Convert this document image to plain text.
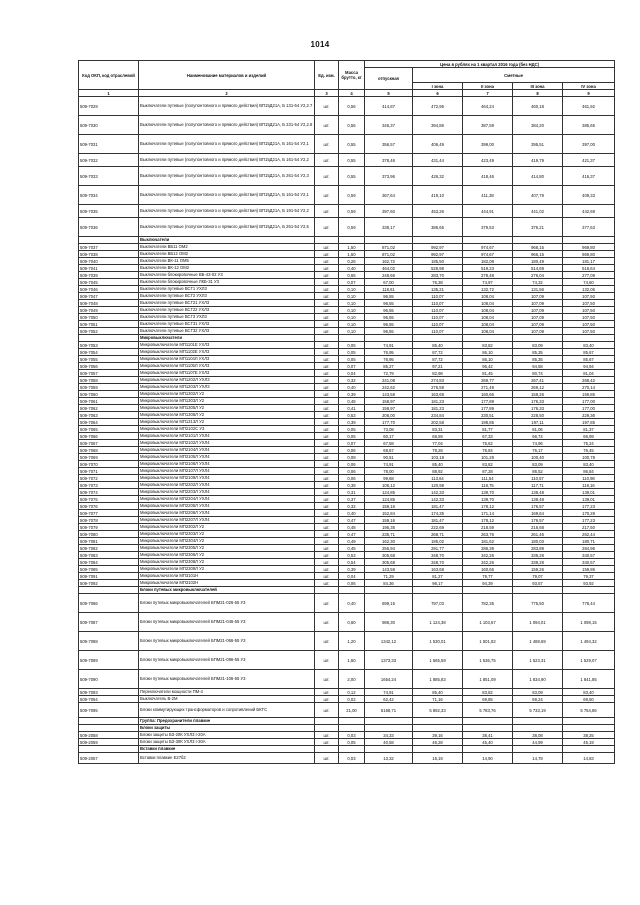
1014
Код ОКП, код отраслевой	Наименование материалов и изделий	Ед. изм.	Масса брутто, кг	Цена в рублях на 1 квартал 2016 года (без НДС)				
				отпускная	Сметные			
					I зона	II зона	III зона	IV зона
1	2	3	4	5	6	7	8	9
509-7029	Выключатели путевые (полупонтовного и прямого действия) ВП15Д21А, Б 131-54 У2,2.7	шт.	0,56	414,87	472,95	464,24	460,18	461,92
509-7030	Выключатели путевые (полупонтовного и прямого действия) ВП15Д21А, Б 231-54 У2,2.8	шт.	0,56	346,37	394,86	387,59	384,20	385,65
509-7031	Выключатели путевые (полупонтовного и прямого действия) ВП15Д21А, Б 161-54 У2,1	шт.	0,55	356,57	406,49	399,00	395,51	397,00
509-7032	Выключатели путевые (полупонтовного и прямого действия) ВП15Д21А, Б 161-54 У2,2	шт.	0,55	378,46	431,44	423,49	419,79	421,37
509-7033	Выключатели путевые (полупонтовного и прямого действия) ВП15Д21А, Б 261-54 У2,3	шт.	0,55	373,96	426,32	418,46	414,80	416,37
509-7034	Выключатели путевые (полупонтовного и прямого действия) ВП15Д21А, Б 161-54 У2,1	шт.	0,59	367,64	419,10	411,38	407,79	409,33
509-7035	Выключатели путевые (полупонтовного и прямого действия) ВП15Д21А, Б 191-54 У2,2	шт.	0,59	397,60	453,26	444,91	441,02	442,69
509-7036	Выключатели путевые (полупонтовного и прямого действия) ВП15Д21А, Б 261-54 У2,5	шт.	0,59	339,17	386,65	379,53	376,21	377,63
	Выключатели							
509-7037	Выключатели ВБ11 ОМ2	шт.	1,50	871,02	992,97	974,67	966,15	969,80
509-7038	Выключатели ВБ12 ОМ2	шт.	1,50	871,02	992,97	974,67	966,15	969,80
509-7040	Выключатели ВК-11 ОМ5	шт.	0,26	162,72	185,50	182,08	180,49	181,17
509-7041	Выключатели ВК-12 ОМ2	шт.	0,40	464,02	528,98	519,23	514,69	516,64
509-7039	Выключатели блокировочные ВБ-43-02 У3	шт.	0,65	248,66	283,70	278,48	276,04	277,09
509-7045	Выключатели блокировочные ЛКБ-31 У3	шт.	0,07	67,00	76,38	74,97	74,32	74,60
509-7046	Выключатели путевые ВСГ1 УХЛ3	шт.	0,10	118,61	135,21	132,72	131,56	132,06
509-7047	Выключатели путевые ВСГ2 УХЛ3	шт.	0,10	96,55	110,07	108,04	107,09	107,50
509-7048	Выключатели путевые ВСГ21 УХЛ3	шт.	0,10	96,55	110,07	108,04	107,09	107,50
509-7049	Выключатели путевые ВСГ22 УХЛ3	шт.	0,10	96,55	110,07	108,04	107,09	107,50
509-7050	Выключатели путевые ВСГ3 УХЛ3	шт.	0,10	96,55	110,07	108,04	107,09	107,50
509-7051	Выключатели путевые ВСГ31 УХЛ3	шт.	0,10	96,55	110,07	108,04	107,09	107,50
509-7052	Выключатели путевые ВСГ32 УХЛ3	шт.	0,10	96,55	110,07	108,04	107,09	107,50
	Микровыключатели							
509-7053	Микровыключатели МП1101Е УХЛ3	шт.	0,05	74,91	85,40	83,82	83,09	83,40
509-7054	Микровыключатели МП1102Е УХЛ3	шт.	0,05	76,95	87,72	86,10	85,35	85,67
509-7055	Микровыключатели МП1104Л УХЛ3	шт.	0,05	76,95	87,72	86,10	85,35	85,67
509-7056	Микровыключатели МП1105Л УХЛ3	шт.	0,07	85,27	97,21	95,42	94,58	94,94
509-7057	Микровыключатели МП1107Е УХЛ3	шт.	0,04	72,79	82,98	81,45	80,74	81,04
509-7058	Микровыключатели МП1202Л УХЛ3	шт.	0,32	241,08	274,83	269,77	267,41	268,42
509-7059	Микровыключатели МП1203Л УХЛ3	шт.	0,40	242,62	276,59	271,49	269,12	270,14
509-7060	Микровыключатели МП1302Л У2	шт.	0,39	143,58	163,68	160,66	159,26	159,86
509-7061	Микровыключатели МП1303Л У2	шт.	0,48	158,97	181,23	177,89	176,33	177,00
509-7062	Микровыключатели МП1305Л У2	шт.	0,41	158,97	181,23	177,89	176,33	177,00
509-7063	Микровыключатели МП1306Л У2	шт.	0,53	206,00	234,84	230,51	228,50	229,36
509-7064	Микровыключатели МП1313Л У2	шт.	0,39	177,70	202,58	198,85	197,11	197,85
509-7065	Микровыключатели МП2102С У3	шт.	0,05	73,08	83,31	81,77	81,06	81,37
509-7066	Микровыключатели МП2101Л УХЛ4	шт.	0,05	60,17	68,59	67,33	66,74	66,99
509-7067	Микровыключатели МП2102Л УХЛ4	шт.	0,07	67,58	77,04	75,62	74,96	75,24
509-7068	Микровыключатели МП2104Л УХЛ4	шт.	0,06	68,67	78,28	76,84	76,17	76,45
509-7069	Микровыключатели МП2105Л УХЛ4	шт.	0,08	90,51	103,18	101,28	100,40	100,78
509-7070	Микровыключатели МП2106Л УХЛ4	шт.	0,06	74,91	85,40	83,82	83,09	83,40
509-7071	Микровыключатели МП2107Л УХЛ4	шт.	0,06	78,00	88,92	87,28	86,52	86,84
509-7072	Микровыключатели МП2109Л УХЛ4	шт.	0,06	99,68	113,64	111,54	110,57	110,98
509-7073	Микровыключатели МП2202Л УХЛ4	шт.	0,38	106,12	120,98	118,75	117,71	118,16
509-7074	Микровыключатели МП2203Л УХЛ4	шт.	0,31	124,85	142,33	139,70	138,48	139,01
509-7075	Микровыключатели МП2204Л УХЛ4	шт.	0,37	124,85	142,33	139,70	138,48	139,01
509-7076	Микровыключатели МП2205Л УХЛ4	шт.	0,32	159,16	181,47	178,12	176,57	177,23
509-7077	Микровыключатели МП2206Л УХЛ4	шт.	0,40	152,84	174,35	171,14	169,64	170,28
509-7078	Микровыключатели МП2207Л УХЛ4	шт.	0,47	159,16	181,47	178,12	176,57	177,23
509-7079	Микровыключатели МП2302Л У2	шт.	0,48	195,35	222,69	218,59	216,68	217,50
509-7080	Микровыключатели МП2303Л У2	шт.	0,47	235,71	268,71	263,76	261,46	262,44
509-7081	Микровыключатели МП2304Л У2	шт.	0,49	162,30	185,02	181,62	180,03	180,71
509-7082	Микровыключатели МП2305Л У2	шт.	0,45	255,94	291,77	286,39	283,89	284,96
509-7083	Микровыключатели МП2306Л У2	шт.	0,53	305,68	348,70	342,26	339,28	340,57
509-7084	Микровыключатели МП2308Л У2	шт.	0,54	305,68	348,70	342,26	339,28	340,57
509-7085	Микровыключатели МП2309Л У2	шт.	0,39	143,58	163,68	160,66	159,26	159,86
509-7091	Микровыключатели МП3101Н	шт.	0,04	71,29	81,27	79,77	79,07	79,37
509-7092	Микровыключатели МП3102Н	шт.	0,06	84,36	96,17	94,39	93,57	93,92
	Блоки путевых микровыключателей							
509-7086	Блоки путевых микровыключателей БПМ21-026-55 У3	шт.	0,40	699,15	797,03	782,35	775,50	778,44
509-7087	Блоки путевых микровыключателей БПМ21-046-55 У3	шт.	0,60	986,30	1 124,38	1 103,67	1 094,01	1 098,15
509-7088	Блоки путевых микровыключателей БПМ21-066-55 У3	шт.	1,20	1342,12	1 530,01	1 501,82	1 488,69	1 494,32
509-7089	Блоки путевых микровыключателей БПМ21-086-55 У3	шт.	1,60	1373,33	1 565,59	1 536,75	1 523,31	1 529,07
509-7090	Блоки путевых микровыключателей БПМ21-106-55 У3	шт.	2,00	1654,24	1 885,83	1 851,09	1 834,90	1 841,85
509-7093	Переключатели мощности ПМ-4	шт.	0,12	74,91	85,40	83,82	83,09	83,40
509-7094	Выключатель В-2М	шт.	0,02	62,42	71,16	69,85	69,24	69,50
509-7095	Блоки коммутирующих трансформаторов и сопротивлений БКТС	шт.	21,00	5168,71	5 892,33	5 783,76	5 733,19	5 754,86
	Группа: Предохранители плавкие							
	Блоки защиты							
509-2058	Блоки защиты БЗ-20К УХЛ3 I-20А	шт.	0,03	34,33	39,16	38,41	38,08	38,25
509-2059	Блоки защиты БЗ-30К УХЛ3 I-30А	шт.	0,05	40,58	46,28	45,40	44,99	45,19
	Вставки плавкие							
509-2057	Вставки плавкие Е27б2	шт.	0,03	13,32	15,19	14,90	14,78	14,83
